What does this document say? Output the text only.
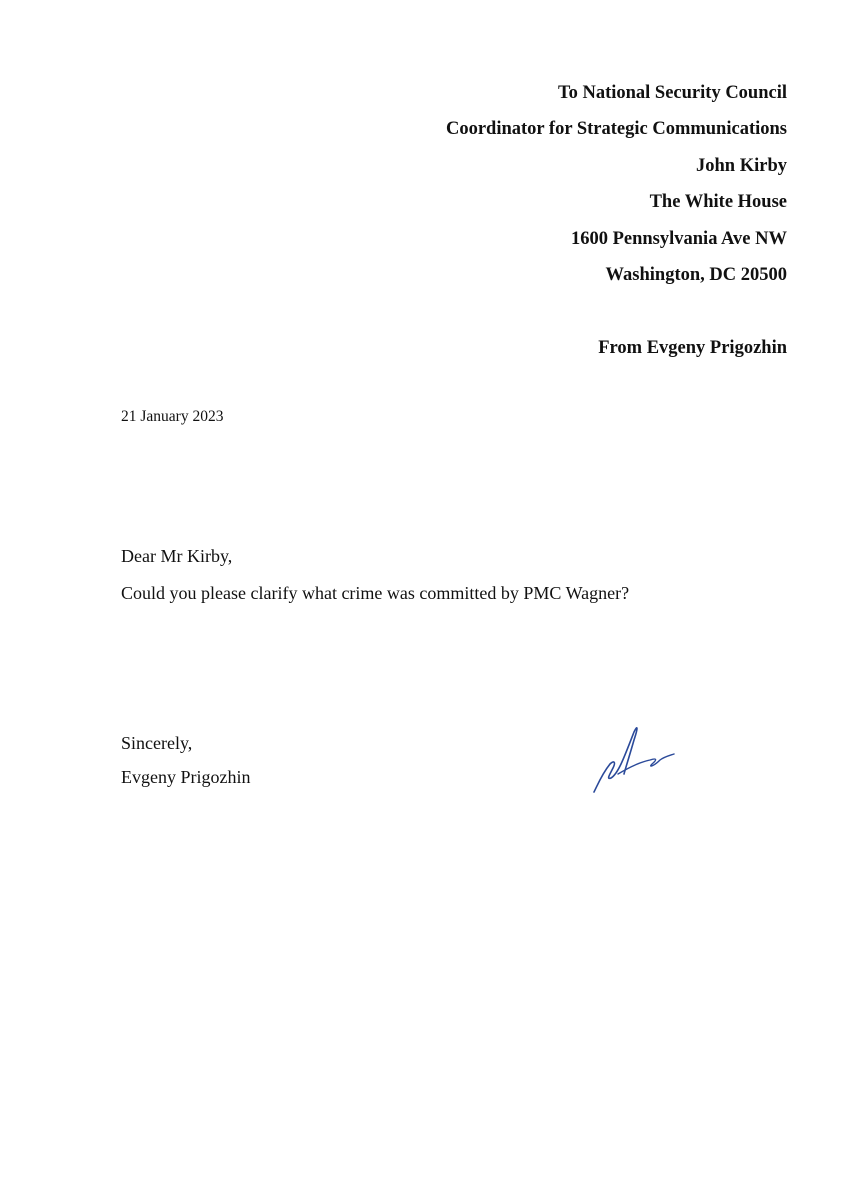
To National Security Council
Coordinator for Strategic Communications
John Kirby
The White House
1600 Pennsylvania Ave NW
Washington, DC 20500
From Evgeny Prigozhin
21 January 2023
Dear Mr Kirby,
Could you please clarify what crime was committed by PMC Wagner?
Sincerely,
Evgeny Prigozhin
